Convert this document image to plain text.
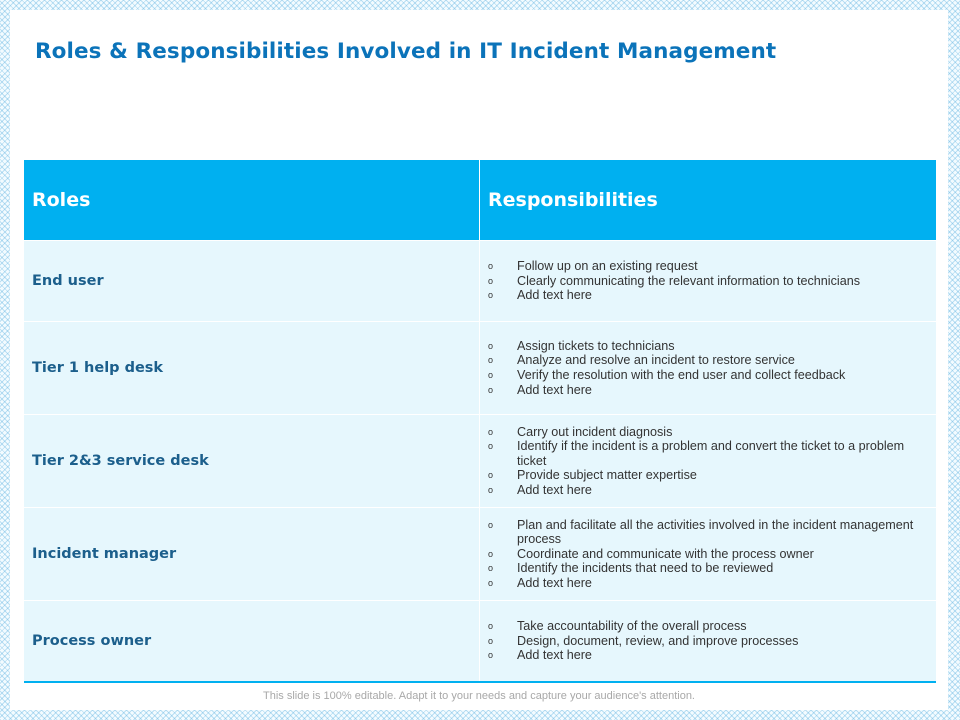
Roles & Responsibilities Involved in IT Incident Management
Roles	Responsibilities
End user
o Follow up on an existing request
o Clearly communicating the relevant information to technicians
o Add text here
Tier 1 help desk
o Assign tickets to technicians
o Analyze and resolve an incident to restore service
o Verify the resolution with the end user and collect feedback
o Add text here
Tier 2&3 service desk
o Carry out incident diagnosis
o Identify if the incident is a problem and convert the ticket to a problem ticket
o Provide subject matter expertise
o Add text here
Incident manager
o Plan and facilitate all the activities involved in the incident management process
o Coordinate and communicate with the process owner
o Identify the incidents that need to be reviewed
o Add text here
Process owner
o Take accountability of the overall process
o Design, document, review, and improve processes
o Add text here
This slide is 100% editable. Adapt it to your needs and capture your audience's attention.
